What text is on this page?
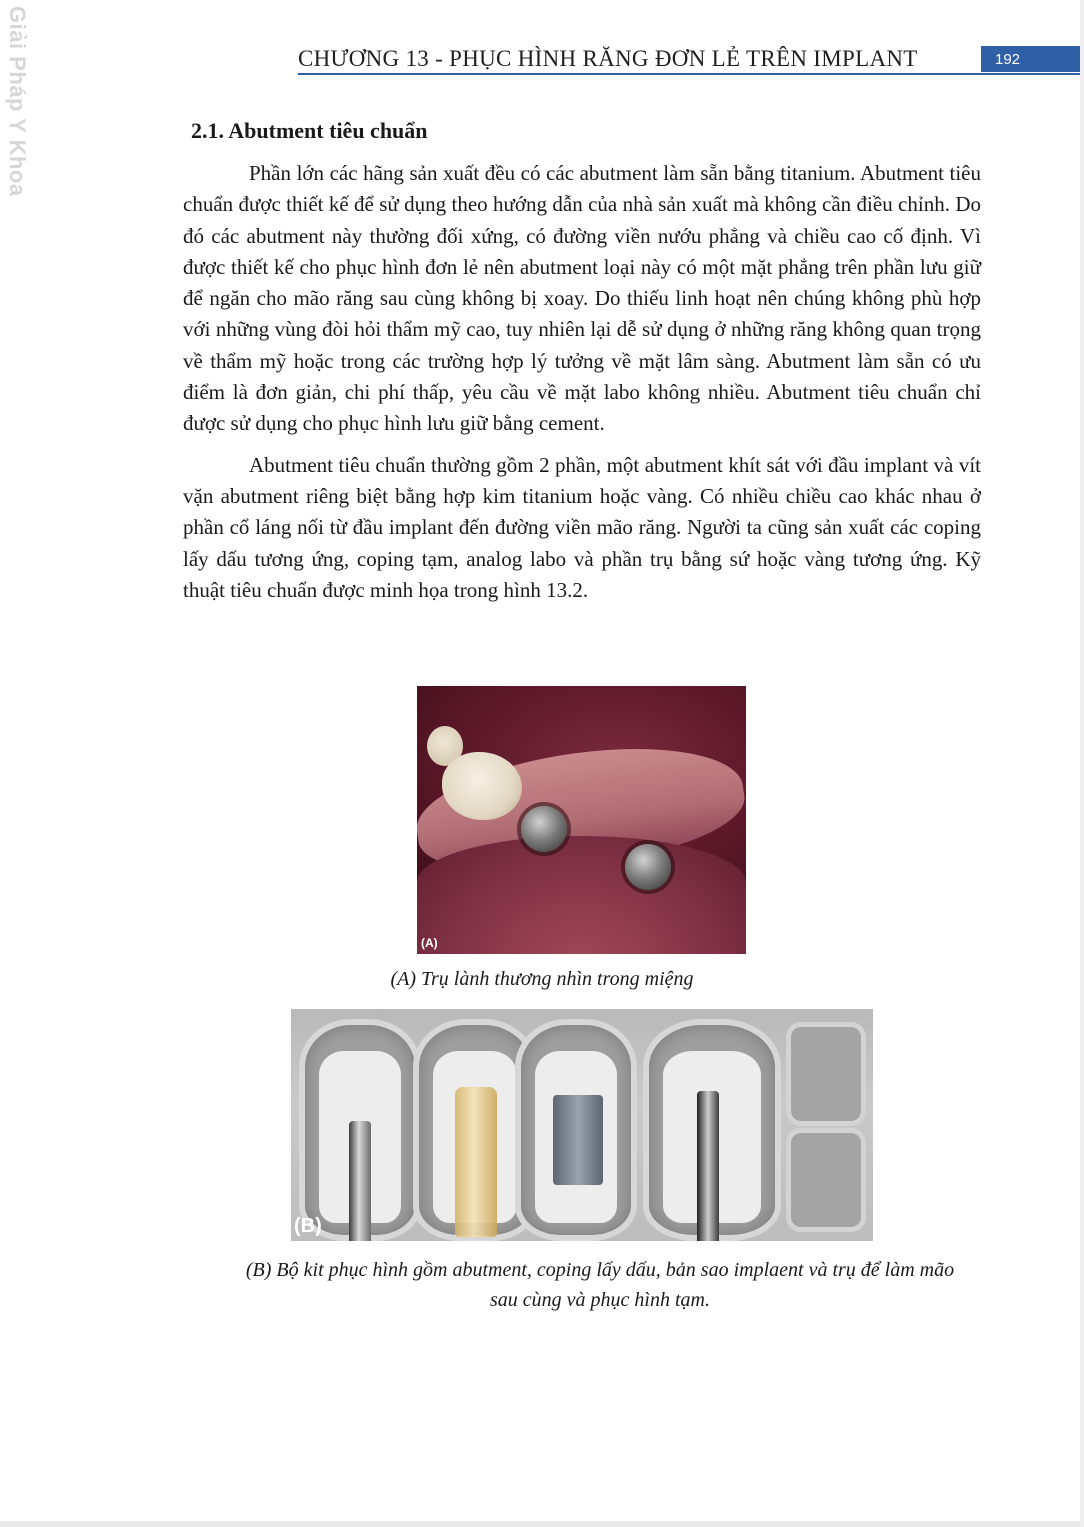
Giải Pháp Y Khoa	CHƯƠNG 13 - PHỤC HÌNH RĂNG ĐƠN LẺ TRÊN IMPLANT	192
2.1. Abutment tiêu chuẩn

Phần lớn các hãng sản xuất đều có các abutment làm sẵn bằng titanium. Abutment tiêu chuẩn được thiết kế để sử dụng theo hướng dẫn của nhà sản xuất mà không cần điều chỉnh. Do đó các abutment này thường đối xứng, có đường viền nướu phẳng và chiều cao cố định. Vì được thiết kế cho phục hình đơn lẻ nên abutment loại này có một mặt phẳng trên phần lưu giữ để ngăn cho mão răng sau cùng không bị xoay. Do thiếu linh hoạt nên chúng không phù hợp với những vùng đòi hỏi thẩm mỹ cao, tuy nhiên lại dễ sử dụng ở những răng không quan trọng về thẩm mỹ hoặc trong các trường hợp lý tưởng về mặt lâm sàng. Abutment làm sẵn có ưu điểm là đơn giản, chi phí thấp, yêu cầu về mặt labo không nhiều. Abutment tiêu chuẩn chỉ được sử dụng cho phục hình lưu giữ bằng cement.

Abutment tiêu chuẩn thường gồm 2 phần, một abutment khít sát với đầu implant và vít vặn abutment riêng biệt bằng hợp kim titanium hoặc vàng. Có nhiều chiều cao khác nhau ở phần cổ láng nối từ đầu implant đến đường viền mão răng. Người ta cũng sản xuất các coping lấy dấu tương ứng, coping tạm, analog labo và phần trụ bằng sứ hoặc vàng tương ứng. Kỹ thuật tiêu chuẩn được minh họa trong hình 13.2.

(A)
(A) Trụ lành thương nhìn trong miệng
(B)
(B) Bộ kit phục hình gồm abutment, coping lấy dấu, bản sao implaent và trụ để làm mão sau cùng và phục hình tạm.
